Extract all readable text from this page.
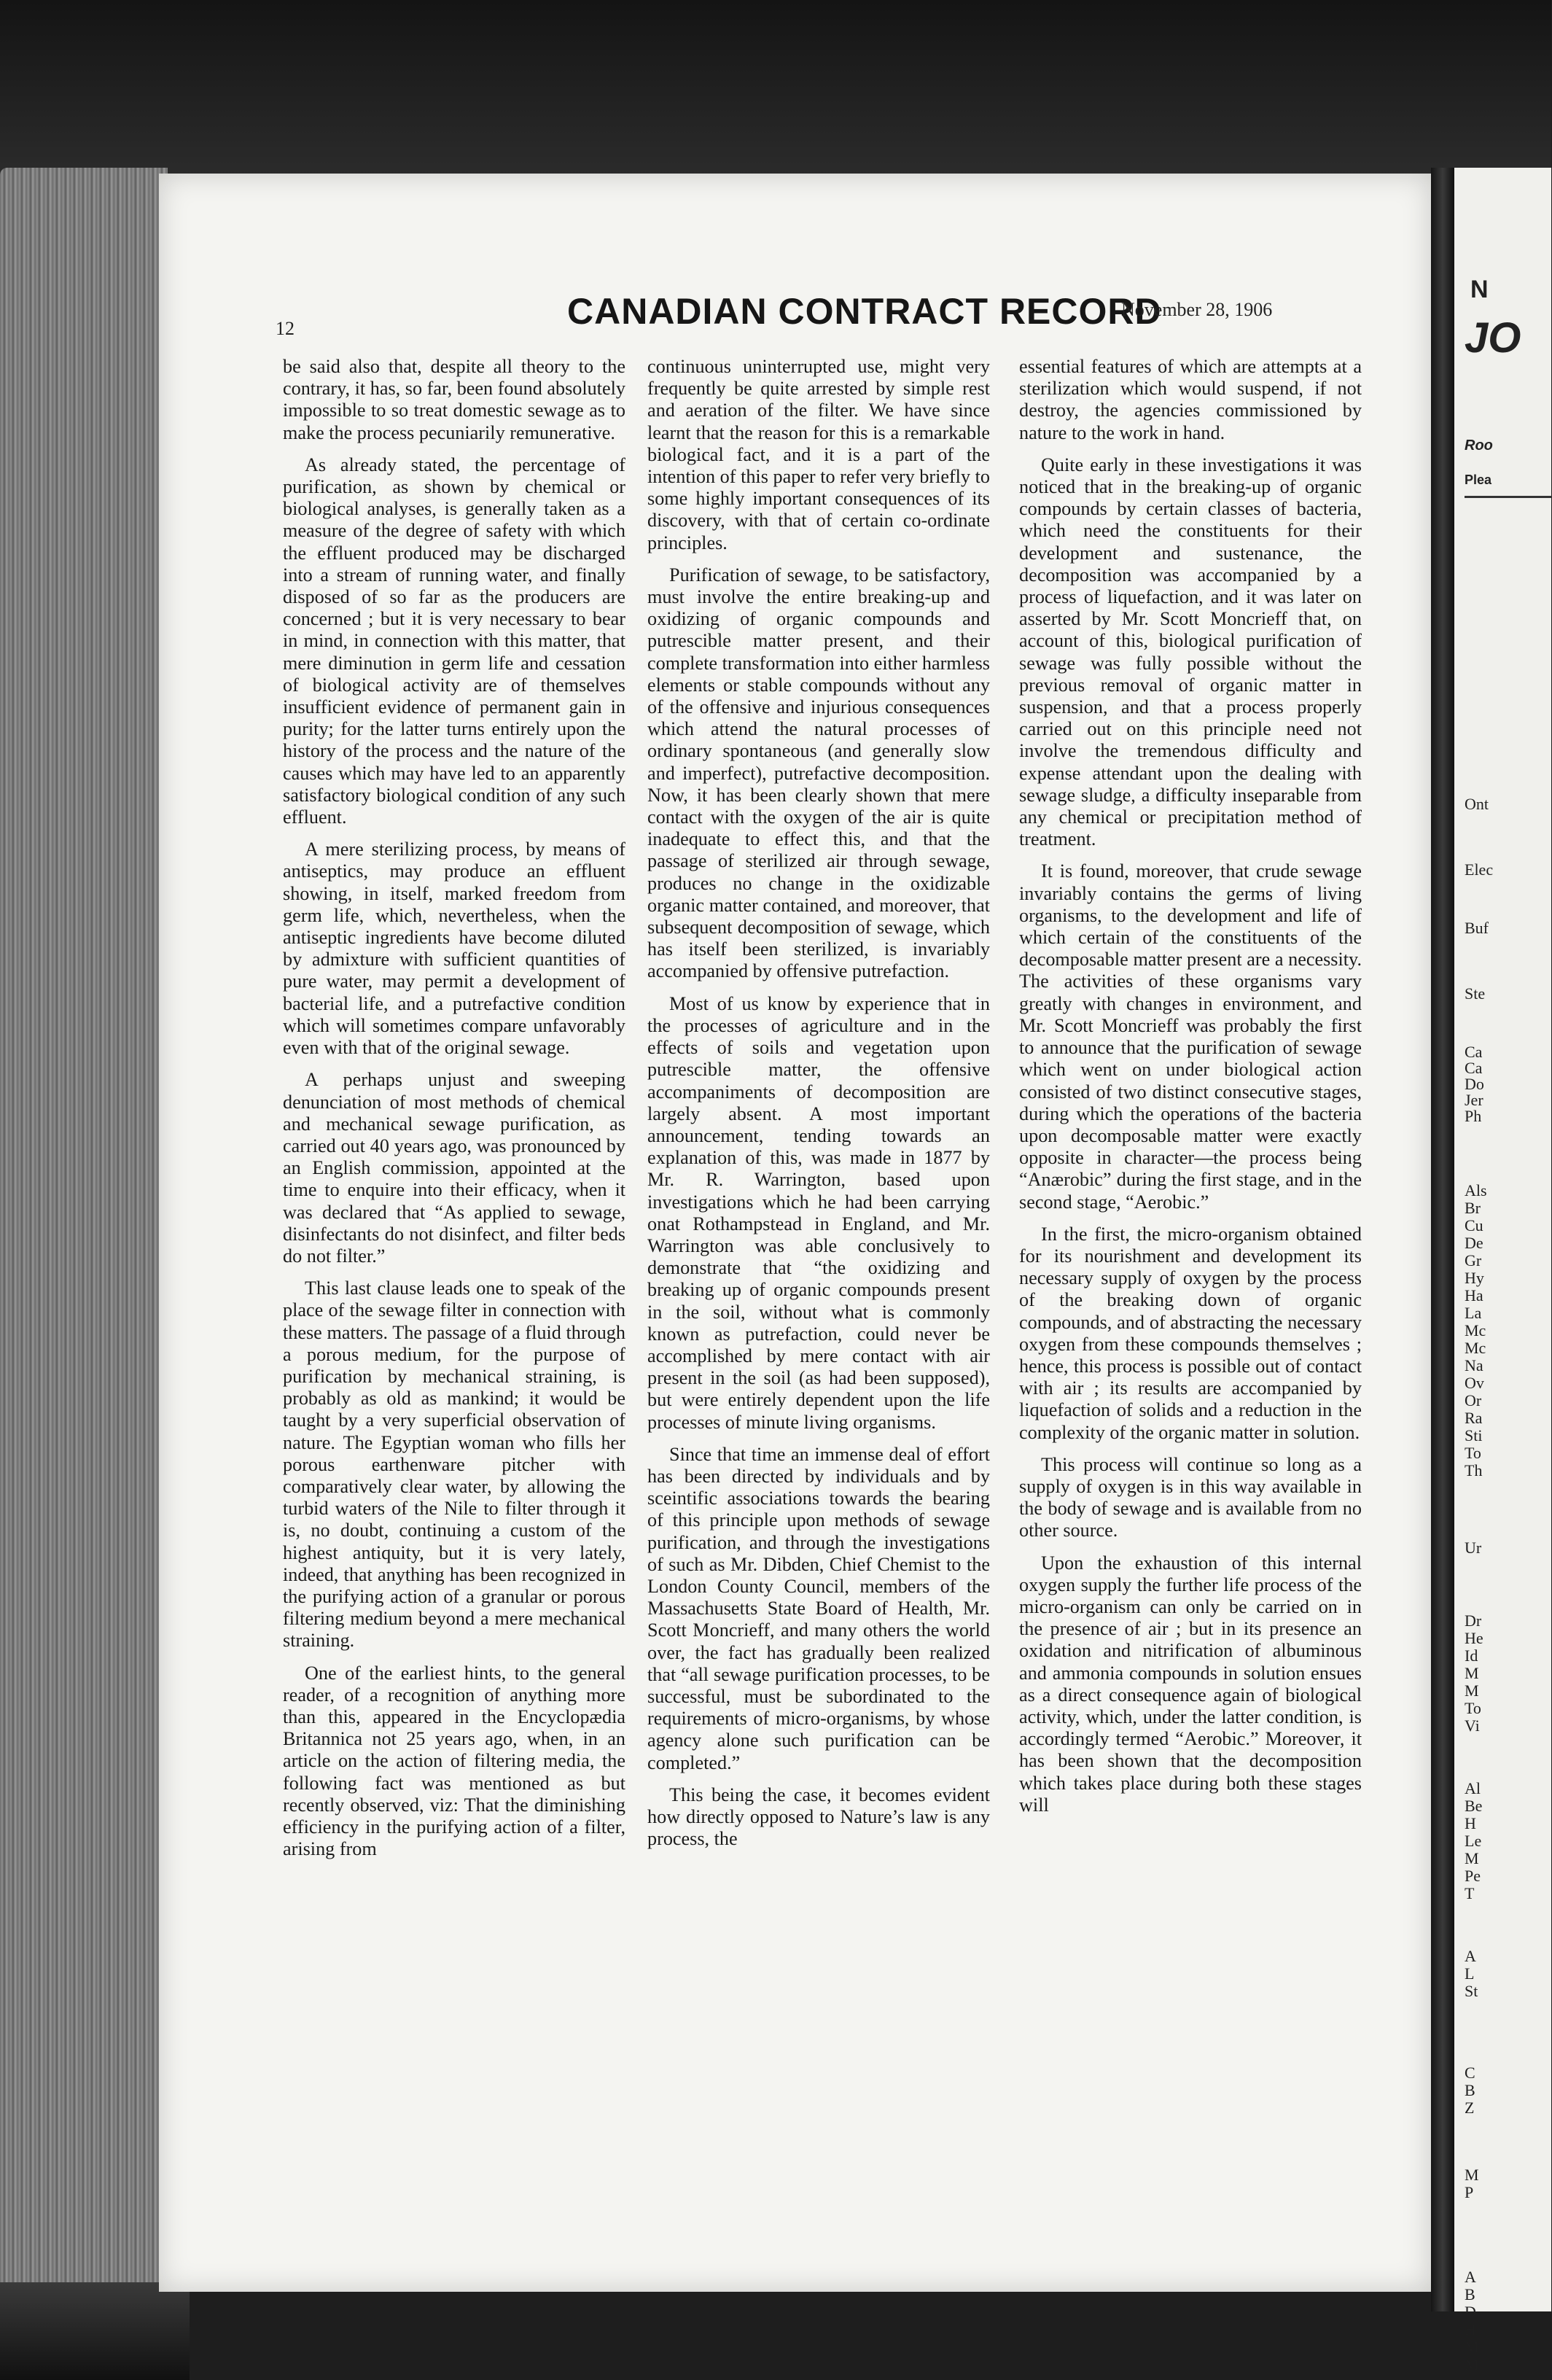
12	CANADIAN CONTRACT RECORD
November 28, 1906

be said also that, despite all theory to the contrary, it has, so far, been found absolutely impossible to so treat domestic sewage as to make the process pecuniarily remunerative.

As already stated, the percentage of purification, as shown by chemical or biological analyses, is generally taken as a measure of the degree of safety with which the effluent produced may be discharged into a stream of running water, and finally disposed of so far as the producers are concerned ; but it is very necessary to bear in mind, in connection with this matter, that mere diminution in germ life and cessation of biological activity are of themselves insufficient evidence of permanent gain in purity; for the latter turns entirely upon the history of the process and the nature of the causes which may have led to an apparently satisfactory biological condition of any such effluent.

A mere sterilizing process, by means of antiseptics, may produce an effluent showing, in itself, marked freedom from germ life, which, nevertheless, when the antiseptic ingredients have become diluted by admixture with sufficient quantities of pure water, may permit a development of bacterial life, and a putrefactive condition which will sometimes compare unfavorably even with that of the original sewage.

A perhaps unjust and sweeping denunciation of most methods of chemical and mechanical sewage purification, as carried out 40 years ago, was pronounced by an English commission, appointed at the time to enquire into their efficacy, when it was declared that “As applied to sewage, disinfectants do not disinfect, and filter beds do not filter.”

This last clause leads one to speak of the place of the sewage filter in connection with these matters. The passage of a fluid through a porous medium, for the purpose of purification by mechanical straining, is probably as old as mankind; it would be taught by a very superficial observation of nature. The Egyptian woman who fills her porous earthenware pitcher with comparatively clear water, by allowing the turbid waters of the Nile to filter through it is, no doubt, continuing a custom of the highest antiquity, but it is very lately, indeed, that anything has been recognized in the purifying action of a granular or porous filtering medium beyond a mere mechanical straining.

One of the earliest hints, to the general reader, of a recognition of anything more than this, appeared in the Encyclopædia Britannica not 25 years ago, when, in an article on the action of filtering media, the following fact was mentioned as but recently observed, viz: That the diminishing efficiency in the purifying action of a filter, arising from

continuous uninterrupted use, might very frequently be quite arrested by simple rest and aeration of the filter. We have since learnt that the reason for this is a remarkable biological fact, and it is a part of the intention of this paper to refer very briefly to some highly important consequences of its discovery, with that of certain co-ordinate principles.

Purification of sewage, to be satisfactory, must involve the entire breaking-up and oxidizing of organic compounds and putrescible matter present, and their complete transformation into either harmless elements or stable compounds without any of the offensive and injurious consequences which attend the natural processes of ordinary spontaneous (and generally slow and imperfect), putrefactive decomposition. Now, it has been clearly shown that mere contact with the oxygen of the air is quite inadequate to effect this, and that the passage of sterilized air through sewage, produces no change in the oxidizable organic matter contained, and moreover, that subsequent decomposition of sewage, which has itself been sterilized, is invariably accompanied by offensive putrefaction.

Most of us know by experience that in the processes of agriculture and in the effects of soils and vegetation upon putrescible matter, the offensive accompaniments of decomposition are largely absent. A most important announcement, tending towards an explanation of this, was made in 1877 by Mr. R. Warrington, based upon investigations which he had been carrying onat Rothampstead in England, and Mr. Warrington was able conclusively to demonstrate that “the oxidizing and breaking up of organic compounds present in the soil, without what is commonly known as putrefaction, could never be accomplished by mere contact with air present in the soil (as had been supposed), but were entirely dependent upon the life processes of minute living organisms.

Since that time an immense deal of effort has been directed by individuals and by sceintific associations towards the bearing of this principle upon methods of sewage purification, and through the investigations of such as Mr. Dibden, Chief Chemist to the London County Council, members of the Massachusetts State Board of Health, Mr. Scott Moncrieff, and many others the world over, the fact has gradually been realized that “all sewage purification processes, to be successful, must be subordinated to the requirements of micro-organisms, by whose agency alone such purification can be completed.”

This being the case, it becomes evident how directly opposed to Nature’s law is any process, the

essential features of which are attempts at a sterilization which would suspend, if not destroy, the agencies commissioned by nature to the work in hand.

Quite early in these investigations it was noticed that in the breaking-up of organic compounds by certain classes of bacteria, which need the constituents for their development and sustenance, the decomposition was accompanied by a process of liquefaction, and it was later on asserted by Mr. Scott Moncrieff that, on account of this, biological purification of sewage was fully possible without the previous removal of organic matter in suspension, and that a process properly carried out on this principle need not involve the tremendous difficulty and expense attendant upon the dealing with sewage sludge, a difficulty inseparable from any chemical or precipitation method of treatment.

It is found, moreover, that crude sewage invariably contains the germs of living organisms, to the development and life of which certain of the constituents of the decomposable matter present are a necessity. The activities of these organisms vary greatly with changes in environment, and Mr. Scott Moncrieff was probably the first to announce that the purification of sewage which went on under biological action consisted of two distinct consecutive stages, during which the operations of the bacteria upon decomposable matter were exactly opposite in character—the process being “Anærobic” during the first stage, and in the second stage, “Aerobic.”

In the first, the micro-organism obtained for its nourishment and development its necessary supply of oxygen by the process of the breaking down of organic compounds, and of abstracting the necessary oxygen from these compounds themselves ; hence, this process is possible out of contact with air ; its results are accompanied by liquefaction of solids and a reduction in the complexity of the organic matter in solution.

This process will continue so long as a supply of oxygen is in this way available in the body of sewage and is available from no other source.

Upon the exhaustion of this internal oxygen supply the further life process of the micro-organism can only be carried on in the presence of air ; but in its presence an oxidation and nitrification of albuminous and ammonia compounds in solution ensues as a direct consequence again of biological activity, which, under the latter condition, is accordingly termed “Aerobic.” Moreover, it has been shown that the decomposition which takes place during both these stages will

N
JO
Roo
Plea
Ont
Elec
Buf
Ste
Ca
Ca
Do
Jer
Ph
Als
Br
Cu
De
Gr
Hy
Ha
La
Mc
Mc
Na
Ov
Or
Ra
Sti
To
Th
Ur
Dr
He
Id
M
M
To
Vi
Al
Be
H
Le
M
Pe
T
A
L
St
C
B
Z
M
P
A
B
D
H
M
M
